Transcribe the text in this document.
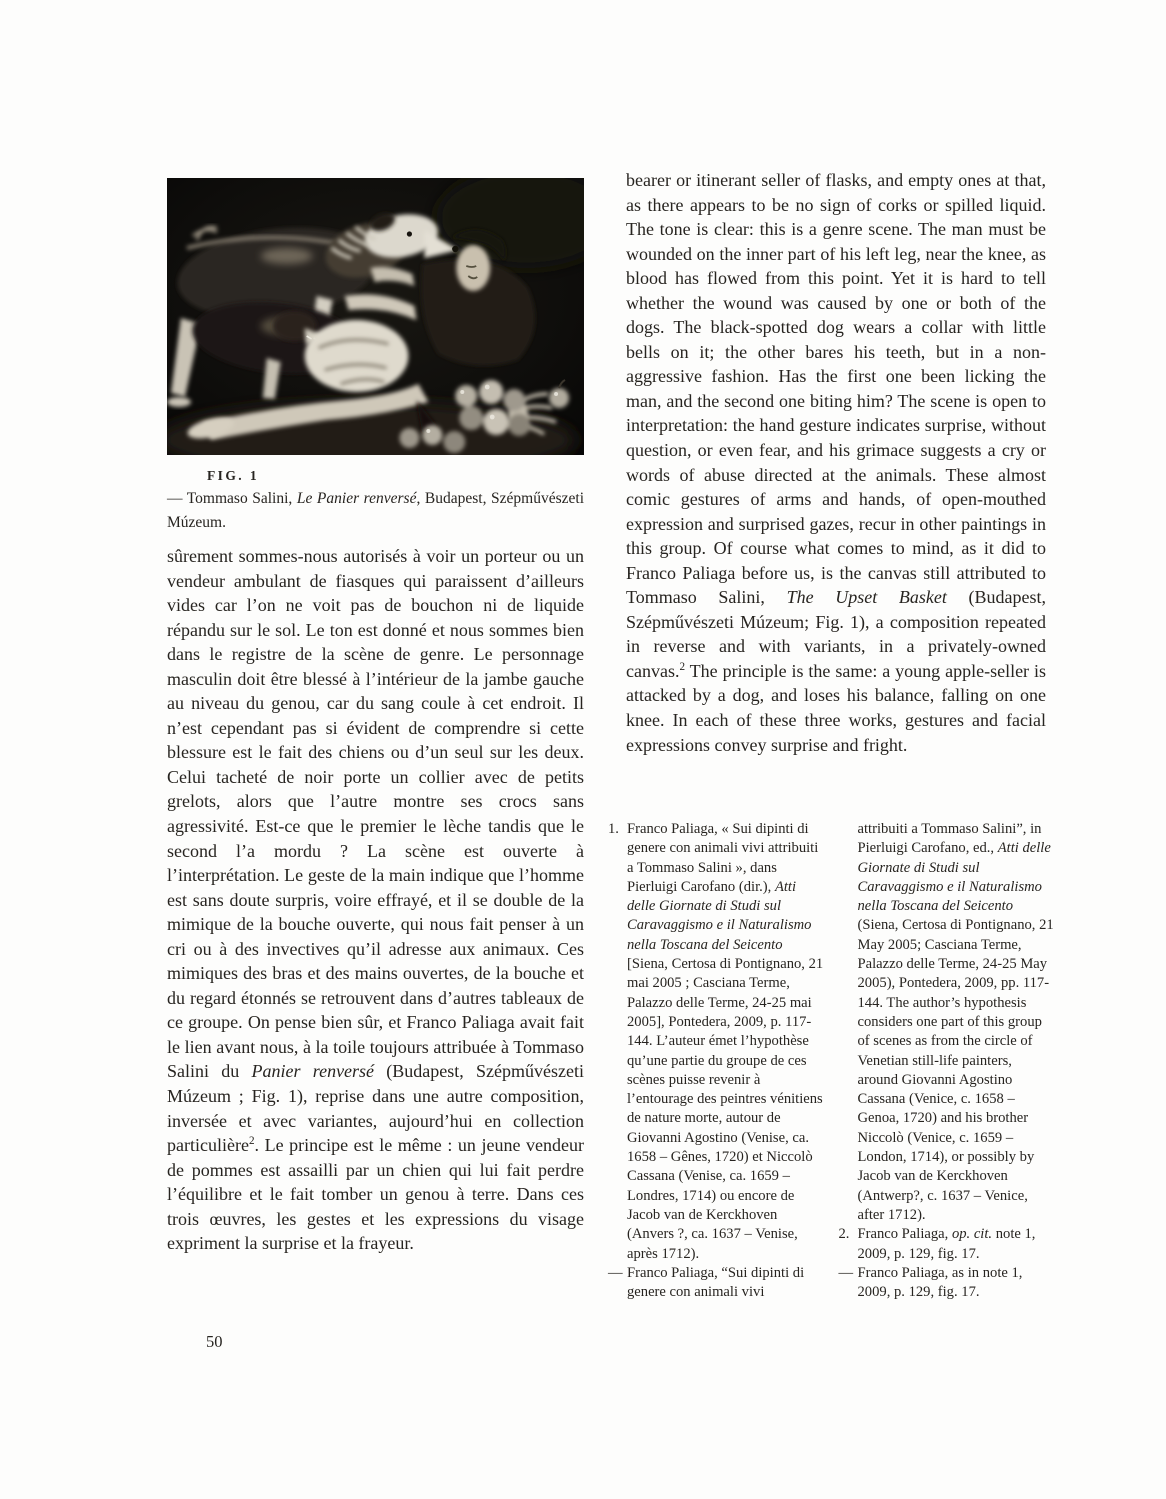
FIG. 1
— Tommaso Salini, Le Panier renversé, Budapest, Szépművészeti Múzeum.

sûrement sommes-nous autorisés à voir un porteur ou un vendeur ambulant de fiasques qui paraissent d’ailleurs vides car l’on ne voit pas de bouchon ni de liquide répandu sur le sol. Le ton est donné et nous sommes bien dans le registre de la scène de genre. Le personnage masculin doit être blessé à l’intérieur de la jambe gauche au niveau du genou, car du sang coule à cet endroit. Il n’est cependant pas si évident de comprendre si cette blessure est le fait des chiens ou d’un seul sur les deux. Celui tacheté de noir porte un collier avec de petits grelots, alors que l’autre montre ses crocs sans agressivité. Est-ce que le premier le lèche tandis que le second l’a mordu ? La scène est ouverte à l’interprétation. Le geste de la main indique que l’homme est sans doute surpris, voire effrayé, et il se double de la mimique de la bouche ouverte, qui nous fait penser à un cri ou à des invectives qu’il adresse aux animaux. Ces mimiques des bras et des mains ouvertes, de la bouche et du regard étonnés se retrouvent dans d’autres tableaux de ce groupe. On pense bien sûr, et Franco Paliaga avait fait le lien avant nous, à la toile toujours attribuée à Tommaso Salini du Panier renversé (Budapest, Szépművészeti Múzeum ; Fig. 1), reprise dans une autre composition, inversée et avec variantes, aujourd’hui en collection particulière$^2$. Le principe est le même : un jeune vendeur de pommes est assailli par un chien qui lui fait perdre l’équilibre et le fait tomber un genou à terre. Dans ces trois œuvres, les gestes et les expressions du visage expriment la surprise et la frayeur.

bearer or itinerant seller of flasks, and empty ones at that, as there appears to be no sign of corks or spilled liquid. The tone is clear: this is a genre scene. The man must be wounded on the inner part of his left leg, near the knee, as blood has flowed from this point. Yet it is hard to tell whether the wound was caused by one or both of the dogs. The black-spotted dog wears a collar with little bells on it; the other bares his teeth, but in a non-aggressive fashion. Has the first one been licking the man, and the second one biting him? The scene is open to interpretation: the hand gesture indicates surprise, without question, or even fear, and his grimace suggests a cry or words of abuse directed at the animals. These almost comic gestures of arms and hands, of open-mouthed expression and surprised gazes, recur in other paintings in this group. Of course what comes to mind, as it did to Franco Paliaga before us, is the canvas still attributed to Tommaso Salini, The Upset Basket (Budapest, Szépművészeti Múzeum; Fig. 1), a composition repeated in reverse and with variants, in a privately-owned canvas.$^2$ The principle is the same: a young apple-seller is attacked by a dog, and loses his balance, falling on one knee. In each of these three works, gestures and facial expressions convey surprise and fright.

1. Franco Paliaga, « Sui dipinti di genere con animali vivi attribuiti a Tommaso Salini », dans Pierluigi Carofano (dir.), Atti delle Giornate di Studi sul Caravaggismo e il Naturalismo nella Toscana del Seicento [Siena, Certosa di Pontignano, 21 mai 2005 ; Casciana Terme, Palazzo delle Terme, 24-25 mai 2005], Pontedera, 2009, p. 117-144. L’auteur émet l’hypothèse qu’une partie du groupe de ces scènes puisse revenir à l’entourage des peintres vénitiens de nature morte, autour de Giovanni Agostino (Venise, ca. 1658 – Gênes, 1720) et Niccolò Cassana (Venise, ca. 1659 – Londres, 1714) ou encore de Jacob van de Kerckhoven (Anvers ?, ca. 1637 – Venise, après 1712).
— Franco Paliaga, “Sui dipinti di genere con animali vivi
attribuiti a Tommaso Salini”, in Pierluigi Carofano, ed., Atti delle Giornate di Studi sul Caravaggismo e il Naturalismo nella Toscana del Seicento (Siena, Certosa di Pontignano, 21 May 2005; Casciana Terme, Palazzo delle Terme, 24-25 May 2005), Pontedera, 2009, pp. 117-144. The author’s hypothesis considers one part of this group of scenes as from the circle of Venetian still-life painters, around Giovanni Agostino Cassana (Venice, c. 1658 – Genoa, 1720) and his brother Niccolò (Venice, c. 1659 – London, 1714), or possibly by Jacob van de Kerckhoven (Antwerp?, c. 1637 – Venice, after 1712).
2. Franco Paliaga, op. cit. note 1, 2009, p. 129, fig. 17.
— Franco Paliaga, as in note 1, 2009, p. 129, fig. 17.
50
